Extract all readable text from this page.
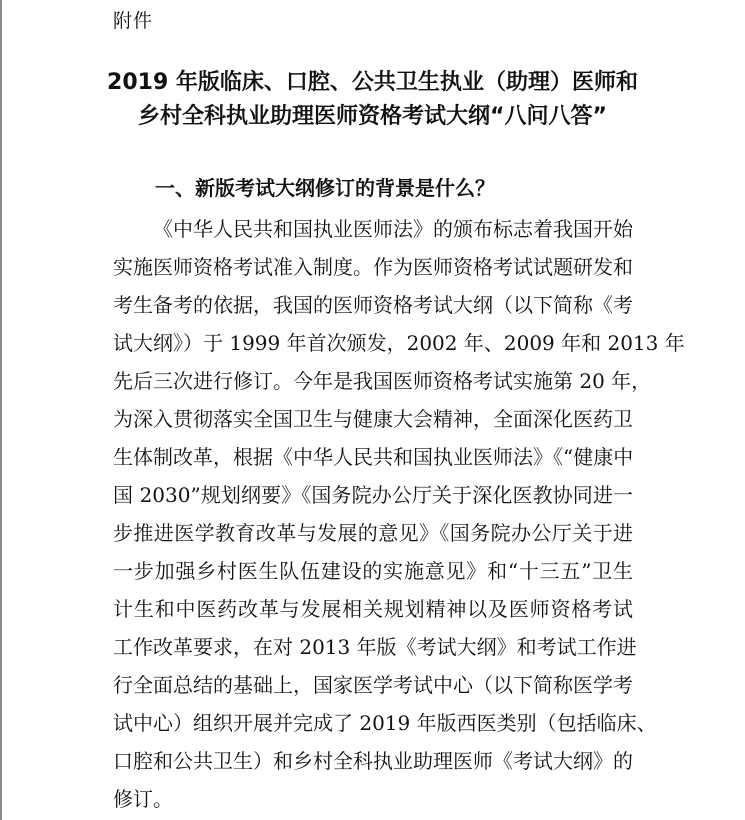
附件
2019 年版临床、口腔、公共卫生执业（助理）医师和
乡村全科执业助理医师资格考试大纲“八问八答”
一、新版考试大纲修订的背景是什么？
《中华人民共和国执业医师法》的颁布标志着我国开始
实施医师资格考试准入制度。作为医师资格考试试题研发和
考生备考的依据，我国的医师资格考试大纲（以下简称《考
试大纲》）于 1999 年首次颁发，2002 年、2009 年和 2013 年
先后三次进行修订。今年是我国医师资格考试实施第 20 年，
为深入贯彻落实全国卫生与健康大会精神，全面深化医药卫
生体制改革，根据《中华人民共和国执业医师法》《“健康中
国 2030”规划纲要》《国务院办公厅关于深化医教协同进一
步推进医学教育改革与发展的意见》《国务院办公厅关于进
一步加强乡村医生队伍建设的实施意见》和“十三五”卫生
计生和中医药改革与发展相关规划精神以及医师资格考试
工作改革要求，在对 2013 年版《考试大纲》和考试工作进
行全面总结的基础上，国家医学考试中心（以下简称医学考
试中心）组织开展并完成了 2019 年版西医类别（包括临床、
口腔和公共卫生）和乡村全科执业助理医师《考试大纲》的
修订。
